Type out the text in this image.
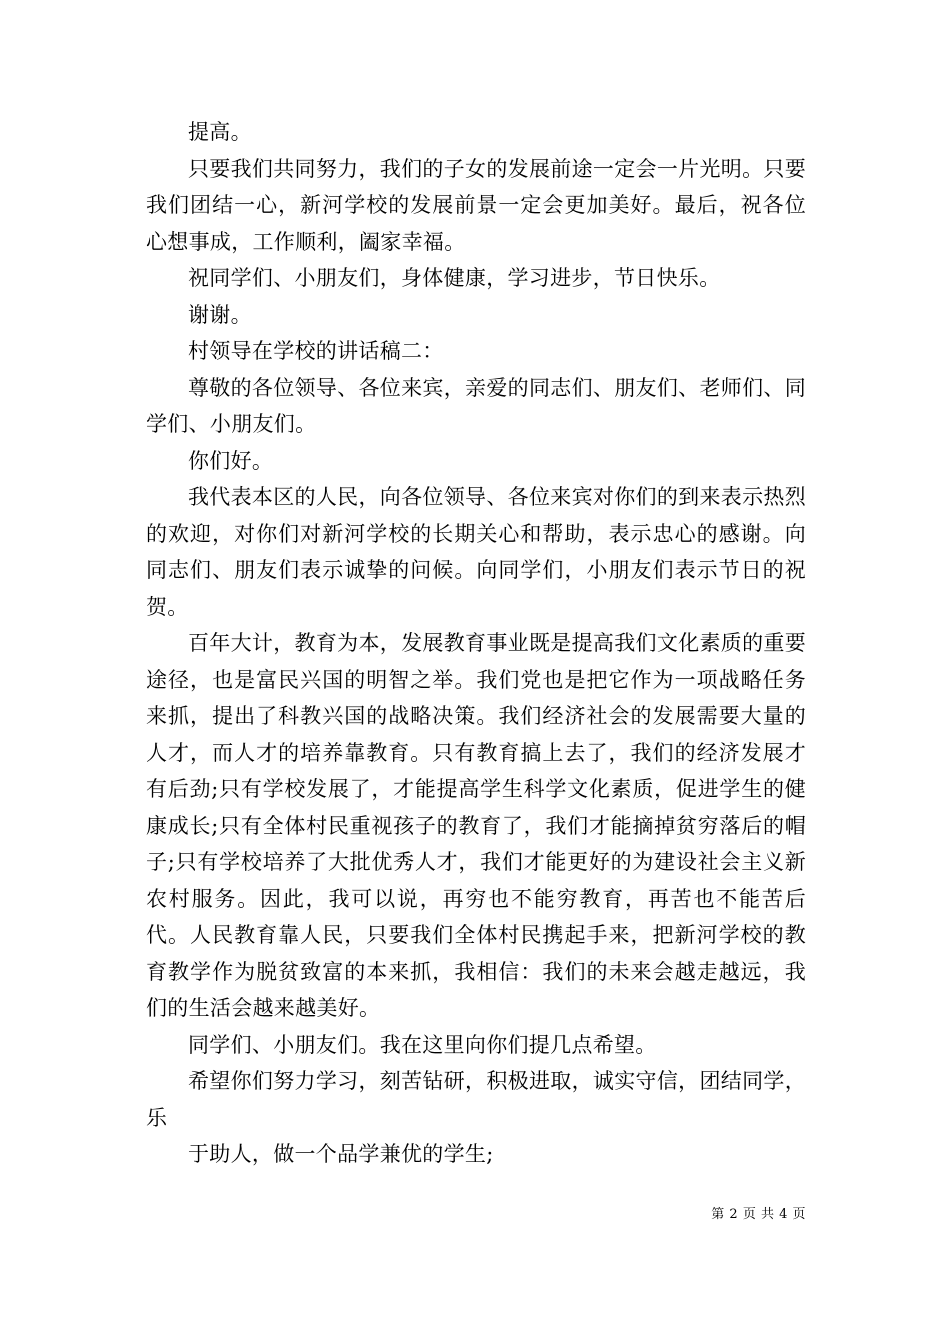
提高。

只要我们共同努力，我们的子女的发展前途一定会一片光明。只要我们团结一心，新河学校的发展前景一定会更加美好。最后，祝各位心想事成，工作顺利，阖家幸福。

祝同学们、小朋友们，身体健康，学习进步，节日快乐。

谢谢。

村领导在学校的讲话稿二：

尊敬的各位领导、各位来宾，亲爱的同志们、朋友们、老师们、同学们、小朋友们。

你们好。

我代表本区的人民，向各位领导、各位来宾对你们的到来表示热烈的欢迎，对你们对新河学校的长期关心和帮助，表示忠心的感谢。向同志们、朋友们表示诚挚的问候。向同学们，小朋友们表示节日的祝贺。

百年大计，教育为本，发展教育事业既是提高我们文化素质的重要途径，也是富民兴国的明智之举。我们党也是把它作为一项战略任务来抓，提出了科教兴国的战略决策。我们经济社会的发展需要大量的人才，而人才的培养靠教育。只有教育搞上去了，我们的经济发展才有后劲;只有学校发展了，才能提高学生科学文化素质，促进学生的健康成长;只有全体村民重视孩子的教育了，我们才能摘掉贫穷落后的帽子;只有学校培养了大批优秀人才，我们才能更好的为建设社会主义新农村服务。因此，我可以说，再穷也不能穷教育，再苦也不能苦后代。人民教育靠人民，只要我们全体村民携起手来，把新河学校的教育教学作为脱贫致富的本来抓，我相信：我们的未来会越走越远，我们的生活会越来越美好。

同学们、小朋友们。我在这里向你们提几点希望。

希望你们努力学习，刻苦钻研，积极进取，诚实守信，团结同学，乐

于助人，做一个品学兼优的学生;

第 2 页 共 4 页
